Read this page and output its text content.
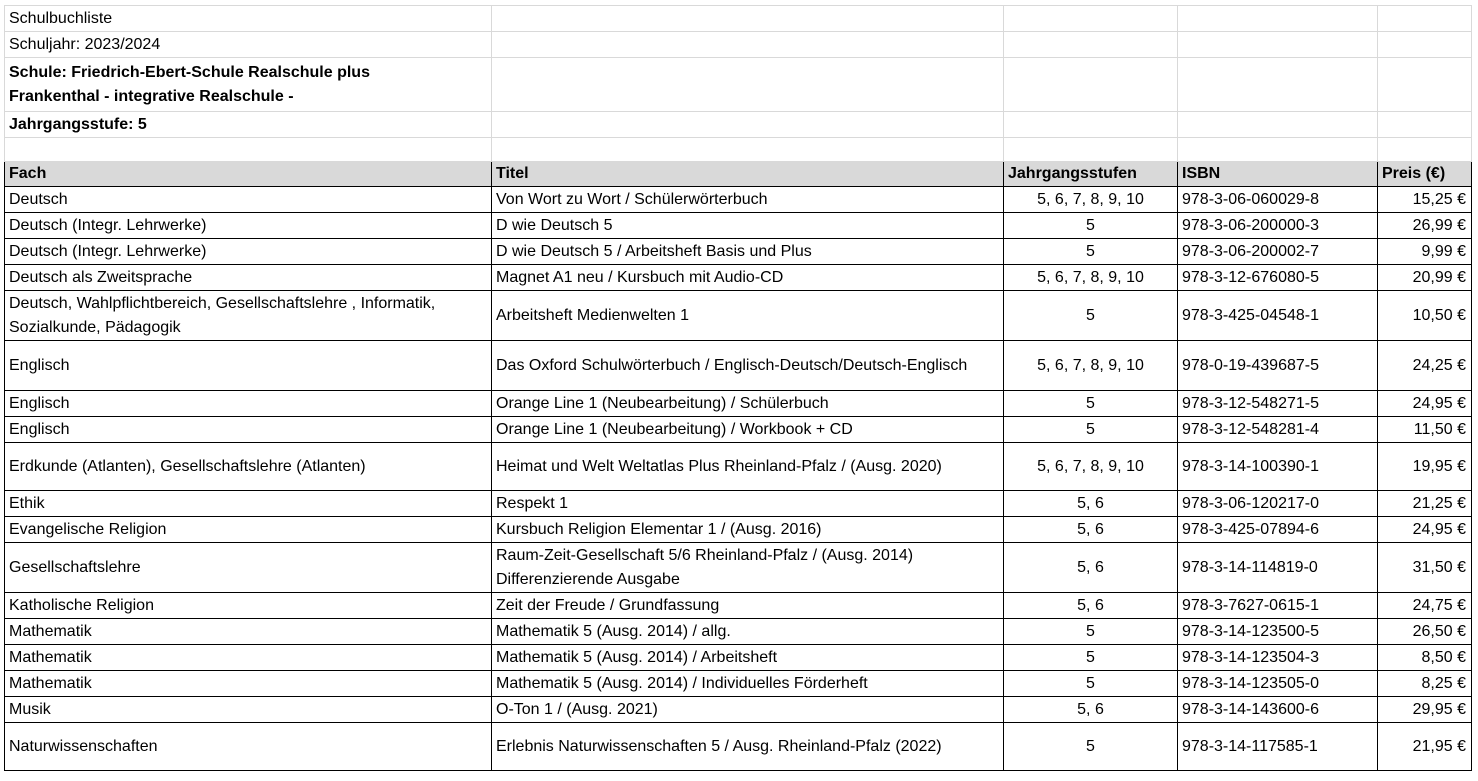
Schulbuchliste				
Schuljahr: 2023/2024				
Schule: Friedrich-Ebert-Schule Realschule plus
Frankenthal - integrative Realschule -				
Jahrgangsstufe: 5				

Fach	Titel	Jahrgangsstufen	ISBN	Preis (€)
Deutsch	Von Wort zu Wort / Schülerwörterbuch	5, 6, 7, 8, 9, 10	978-3-06-060029-8	15,25 €
Deutsch (Integr. Lehrwerke)	D wie Deutsch 5	5	978-3-06-200000-3	26,99 €
Deutsch (Integr. Lehrwerke)	D wie Deutsch 5 / Arbeitsheft Basis und Plus	5	978-3-06-200002-7	9,99 €
Deutsch als Zweitsprache	Magnet A1 neu / Kursbuch mit Audio-CD	5, 6, 7, 8, 9, 10	978-3-12-676080-5	20,99 €
Deutsch, Wahlpflichtbereich, Gesellschaftslehre , Informatik, Sozialkunde, Pädagogik	Arbeitsheft Medienwelten 1	5	978-3-425-04548-1	10,50 €
Englisch	Das Oxford Schulwörterbuch / Englisch-Deutsch/Deutsch-Englisch	5, 6, 7, 8, 9, 10	978-0-19-439687-5	24,25 €
Englisch	Orange Line 1 (Neubearbeitung) / Schülerbuch	5	978-3-12-548271-5	24,95 €
Englisch	Orange Line 1 (Neubearbeitung) / Workbook + CD	5	978-3-12-548281-4	11,50 €
Erdkunde (Atlanten), Gesellschaftslehre (Atlanten)	Heimat und Welt Weltatlas Plus Rheinland-Pfalz / (Ausg. 2020)	5, 6, 7, 8, 9, 10	978-3-14-100390-1	19,95 €
Ethik	Respekt 1	5, 6	978-3-06-120217-0	21,25 €
Evangelische Religion	Kursbuch Religion Elementar 1 / (Ausg. 2016)	5, 6	978-3-425-07894-6	24,95 €
Gesellschaftslehre	Raum-Zeit-Gesellschaft 5/6 Rheinland-Pfalz / (Ausg. 2014) Differenzierende Ausgabe	5, 6	978-3-14-114819-0	31,50 €
Katholische Religion	Zeit der Freude / Grundfassung	5, 6	978-3-7627-0615-1	24,75 €
Mathematik	Mathematik 5 (Ausg. 2014) / allg.	5	978-3-14-123500-5	26,50 €
Mathematik	Mathematik 5 (Ausg. 2014) / Arbeitsheft	5	978-3-14-123504-3	8,50 €
Mathematik	Mathematik 5 (Ausg. 2014) / Individuelles Förderheft	5	978-3-14-123505-0	8,25 €
Musik	O-Ton 1 / (Ausg. 2021)	5, 6	978-3-14-143600-6	29,95 €
Naturwissenschaften	Erlebnis Naturwissenschaften 5 / Ausg. Rheinland-Pfalz (2022)	5	978-3-14-117585-1	21,95 €
